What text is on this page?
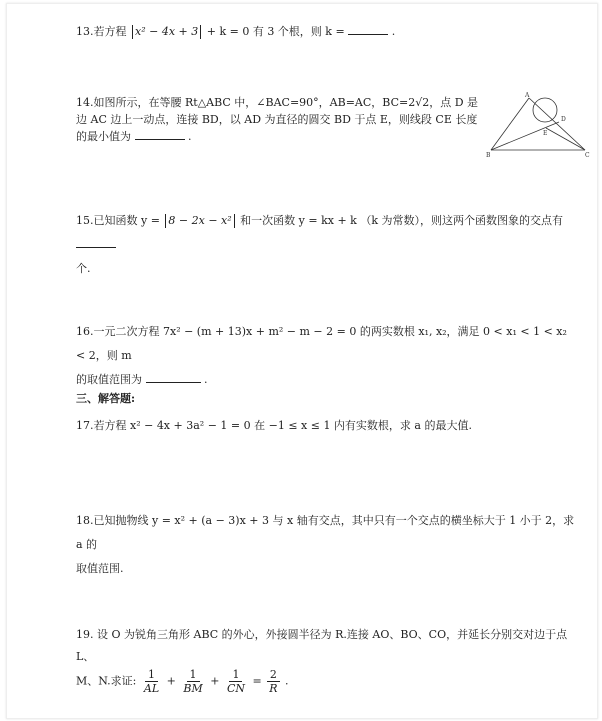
13.若方程 x² − 4x + 3 + k = 0 有 3 个根，则 k =	.
14.如图所示，在等腰 Rt△ABC 中，∠BAC=90°，AB=AC，BC=2√2，点 D 是边 AC 边上一动点，连接 BD，以 AD 为直径的圆交 BD 于点 E，则线段 CE 长度的最小值为	.
A
B	C
D
E
15.已知函数 y = 8 − 2x − x² 和一次函数 y = kx + k （k 为常数），则这两个函数图象的交点有
个.
16.一元二次方程 7x² − (m + 13)x + m² − m − 2 = 0 的两实数根 x₁, x₂，满足 0 < x₁ < 1 < x₂ < 2，则 m
的取值范围为	.
三、解答题:
17.若方程 x² − 4x + 3a² − 1 = 0 在 −1 ≤ x ≤ 1 内有实数根，求 a 的最大值.
18.已知抛物线 y = x² + (a − 3)x + 3 与 x 轴有交点，其中只有一个交点的横坐标大于 1 小于 2，求 a 的
取值范围.
19. 设 O 为锐角三角形 ABC 的外心，外接圆半径为 R.连接 AO、BO、CO，并延长分别交对边于点 L、
M、N.求证: $\frac{1}{AL} + \frac{1}{BM} + \frac{1}{CN} = \frac{2}{R}$ .
